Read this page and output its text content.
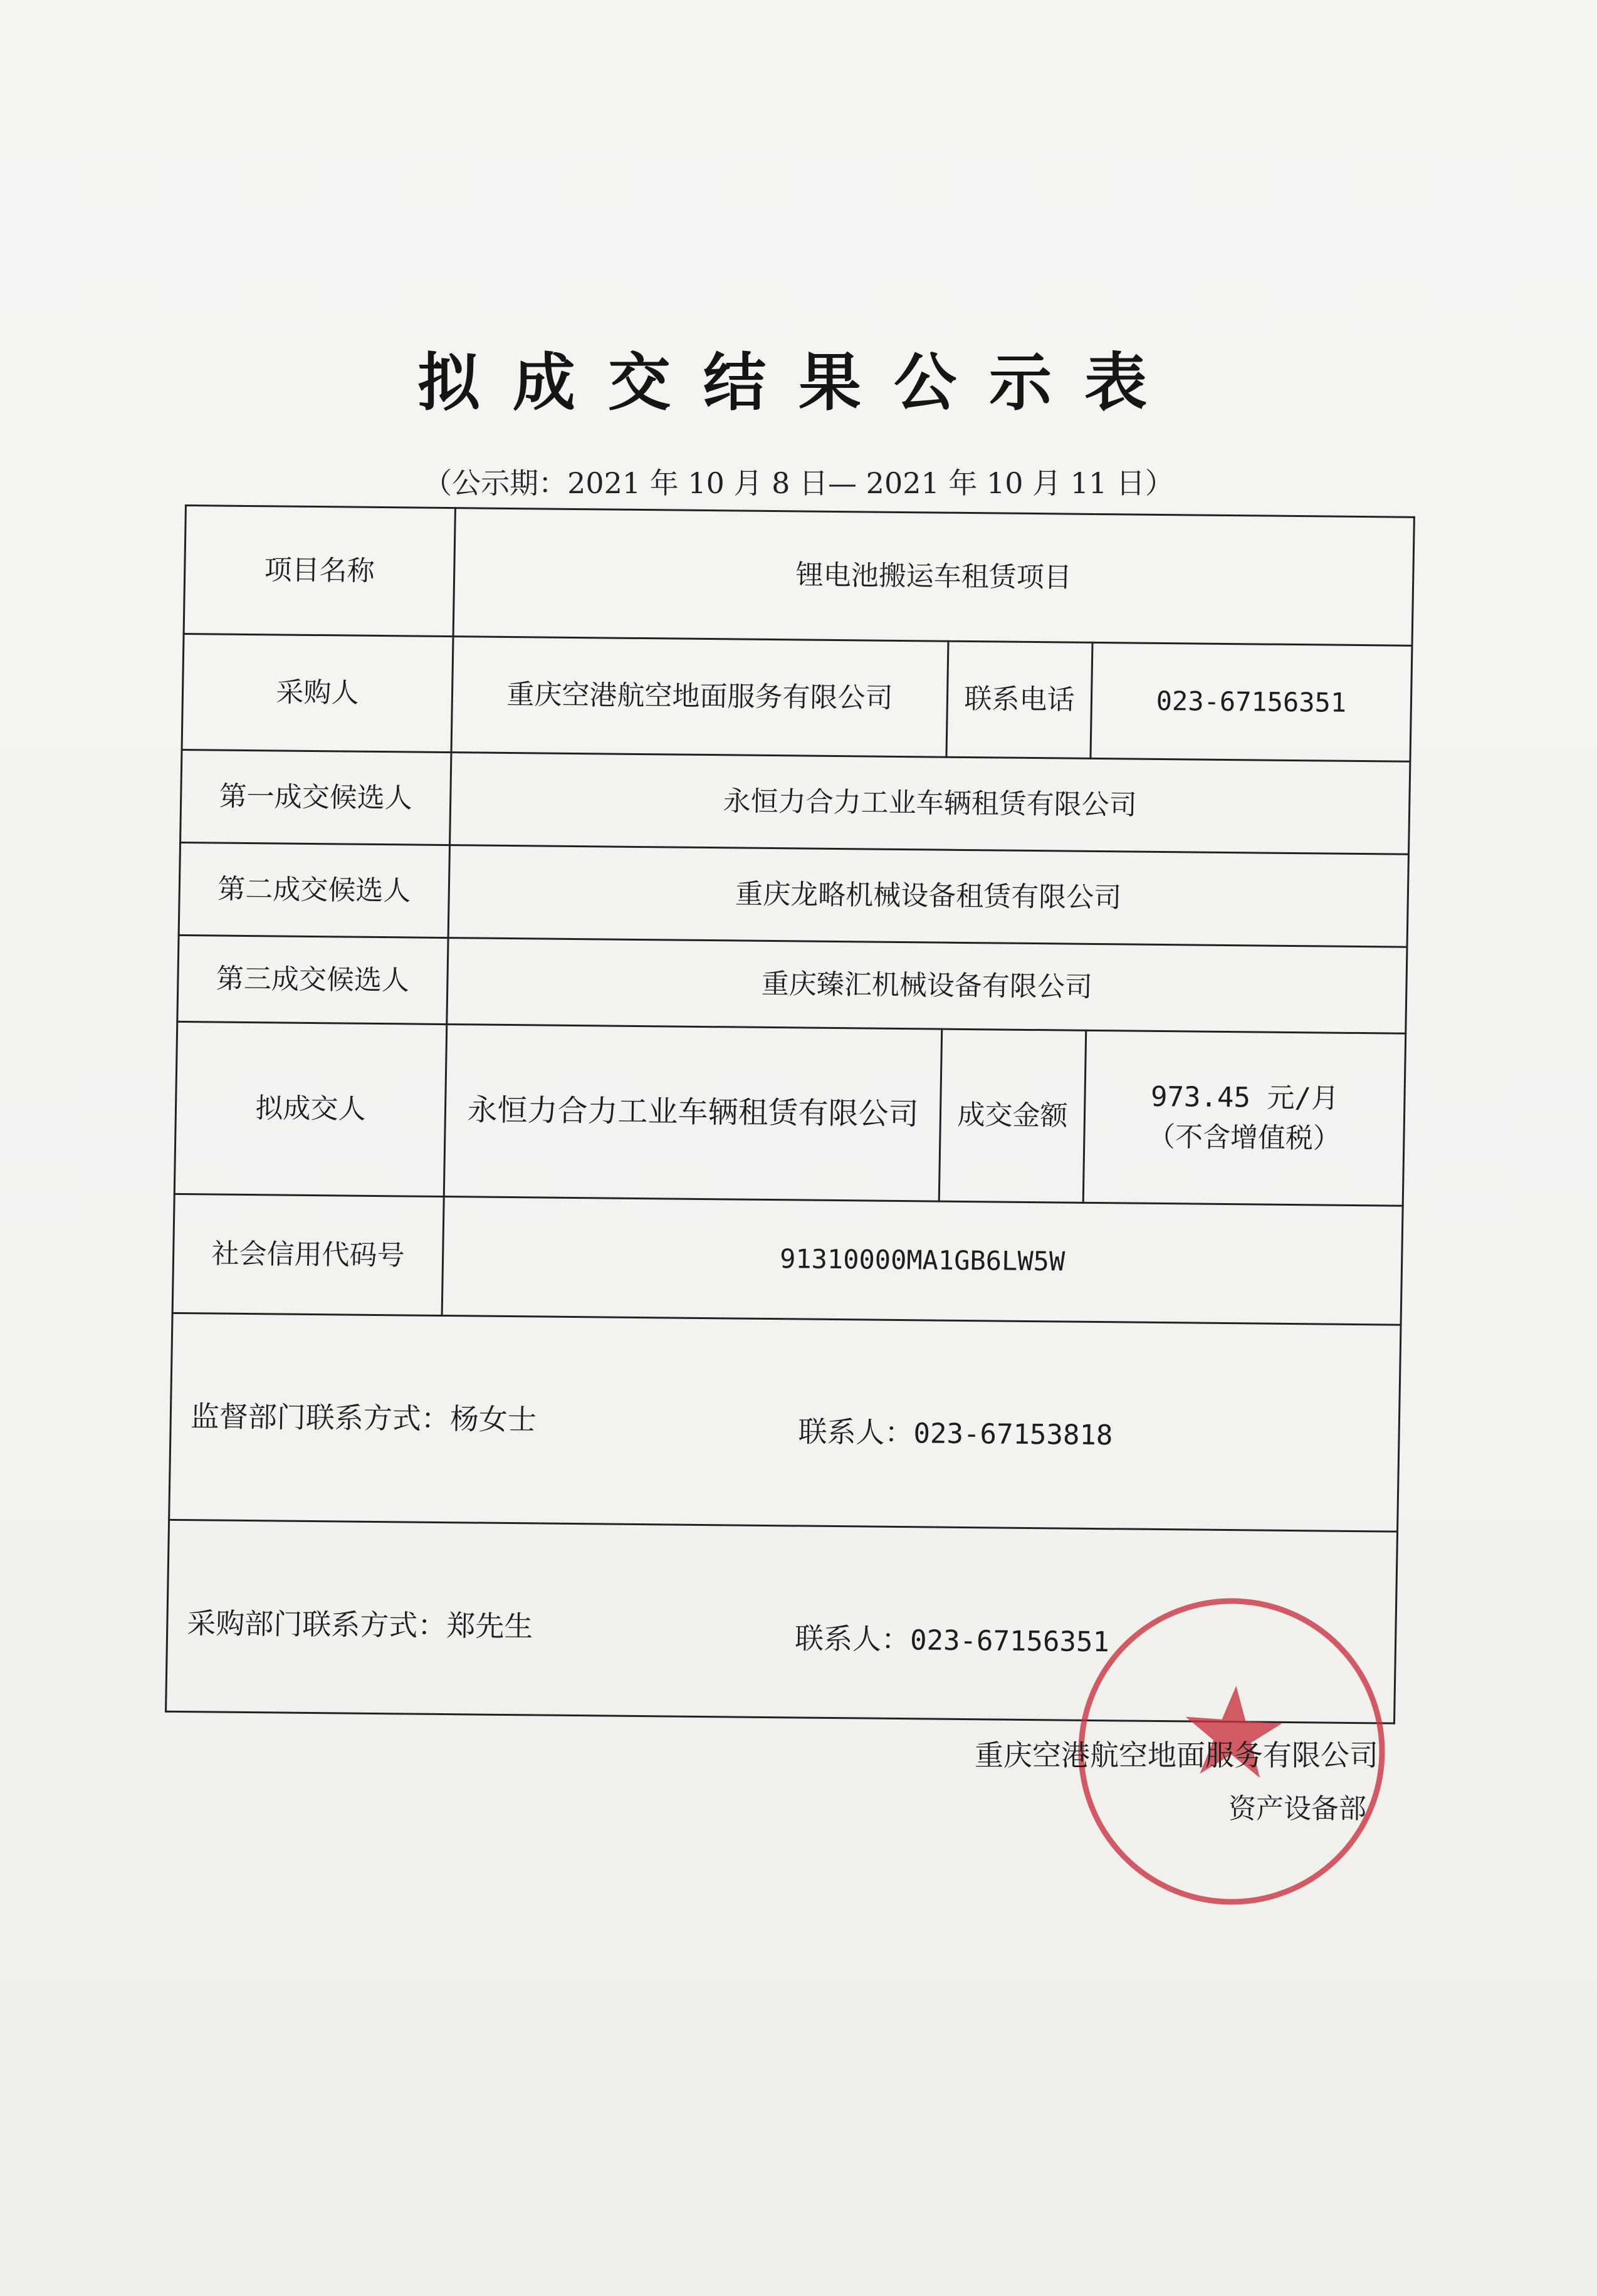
拟成交结果公示表
（公示期：2021 年 10 月 8 日— 2021 年 10 月 11 日）
项目名称	锂电池搬运车租赁项目		
采购人	重庆空港航空地面服务有限公司	联系电话	023-67156351
第一成交候选人	永恒力合力工业车辆租赁有限公司		
第二成交候选人	重庆龙略机械设备租赁有限公司		
第三成交候选人	重庆臻汇机械设备有限公司		
拟成交人	永恒力合力工业车辆租赁有限公司	成交金额	973.45 元/月
（不含增值税）

社会信用代码号	91310000MA1GB6LW5W		

监督部门联系方式：杨女士 联系人：023-67153818			

采购部门联系方式：郑先生 联系人：023-67156351			
重庆空港航空地面服务有限公司
资产设备部
